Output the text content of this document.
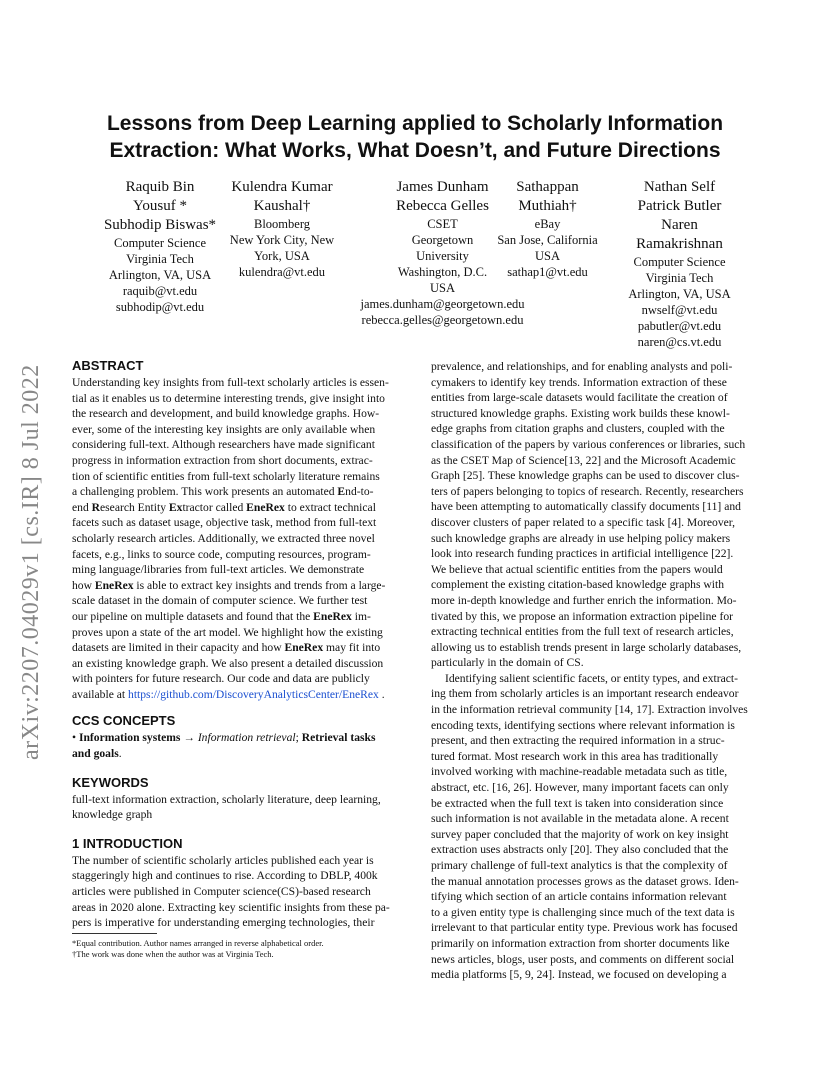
arXiv:2207.04029v1 [cs.IR] 8 Jul 2022
Lessons from Deep Learning applied to Scholarly Information
Extraction: What Works, What Doesn’t, and Future Directions
Raquib Bin
Yousuf *
Subhodip Biswas*
Computer Science
Virginia Tech
Arlington, VA, USA
raquib@vt.edu
subhodip@vt.edu
Kulendra Kumar
Kaushal†
Bloomberg
New York City, New
York, USA
kulendra@vt.edu
James Dunham
Rebecca Gelles
CSET
Georgetown
University
Washington, D.C.
USA
james.dunham@georgetown.edu
rebecca.gelles@georgetown.edu
Sathappan
Muthiah†
eBay
San Jose, California
USA
sathap1@vt.edu
Nathan Self
Patrick Butler
Naren
Ramakrishnan
Computer Science
Virginia Tech
Arlington, VA, USA
nwself@vt.edu
pabutler@vt.edu
naren@cs.vt.edu
ABSTRACT
Understanding key insights from full-text scholarly articles is essen-
tial as it enables us to determine interesting trends, give insight into
the research and development, and build knowledge graphs. How-
ever, some of the interesting key insights are only available when
considering full-text. Although researchers have made significant
progress in information extraction from short documents, extrac-
tion of scientific entities from full-text scholarly literature remains
a challenging problem. This work presents an automated End-to-
end Research Entity Extractor called EneRex to extract technical
facets such as dataset usage, objective task, method from full-text
scholarly research articles. Additionally, we extracted three novel
facets, e.g., links to source code, computing resources, program-
ming language/libraries from full-text articles. We demonstrate
how EneRex is able to extract key insights and trends from a large-
scale dataset in the domain of computer science. We further test
our pipeline on multiple datasets and found that the EneRex im-
proves upon a state of the art model. We highlight how the existing
datasets are limited in their capacity and how EneRex may fit into
an existing knowledge graph. We also present a detailed discussion
with pointers for future research. Our code and data are publicly
available at https://github.com/DiscoveryAnalyticsCenter/EneRex .
CCS CONCEPTS
• Information systems → Information retrieval; Retrieval tasks
and goals.
KEYWORDS
full-text information extraction, scholarly literature, deep learning,
knowledge graph
1 INTRODUCTION
The number of scientific scholarly articles published each year is
staggeringly high and continues to rise. According to DBLP, 400k
articles were published in Computer science(CS)-based research
areas in 2020 alone. Extracting key scientific insights from these pa-
pers is imperative for understanding emerging technologies, their
prevalence, and relationships, and for enabling analysts and poli-
cymakers to identify key trends. Information extraction of these
entities from large-scale datasets would facilitate the creation of
structured knowledge graphs. Existing work builds these knowl-
edge graphs from citation graphs and clusters, coupled with the
classification of the papers by various conferences or libraries, such
as the CSET Map of Science[13, 22] and the Microsoft Academic
Graph [25]. These knowledge graphs can be used to discover clus-
ters of papers belonging to topics of research. Recently, researchers
have been attempting to automatically classify documents [11] and
discover clusters of paper related to a specific task [4]. Moreover,
such knowledge graphs are already in use helping policy makers
look into research funding practices in artificial intelligence [22].
We believe that actual scientific entities from the papers would
complement the existing citation-based knowledge graphs with
more in-depth knowledge and further enrich the information. Mo-
tivated by this, we propose an information extraction pipeline for
extracting technical entities from the full text of research articles,
allowing us to establish trends present in large scholarly databases,
particularly in the domain of CS.
Identifying salient scientific facets, or entity types, and extract-
ing them from scholarly articles is an important research endeavor
in the information retrieval community [14, 17]. Extraction involves
encoding texts, identifying sections where relevant information is
present, and then extracting the required information in a struc-
tured format. Most research work in this area has traditionally
involved working with machine-readable metadata such as title,
abstract, etc. [16, 26]. However, many important facets can only
be extracted when the full text is taken into consideration since
such information is not available in the metadata alone. A recent
survey paper concluded that the majority of work on key insight
extraction uses abstracts only [20]. They also concluded that the
primary challenge of full-text analytics is that the complexity of
the manual annotation processes grows as the dataset grows. Iden-
tifying which section of an article contains information relevant
to a given entity type is challenging since much of the text data is
irrelevant to that particular entity type. Previous work has focused
primarily on information extraction from shorter documents like
news articles, blogs, user posts, and comments on different social
media platforms [5, 9, 24]. Instead, we focused on developing a
*Equal contribution. Author names arranged in reverse alphabetical order.
†The work was done when the author was at Virginia Tech.
